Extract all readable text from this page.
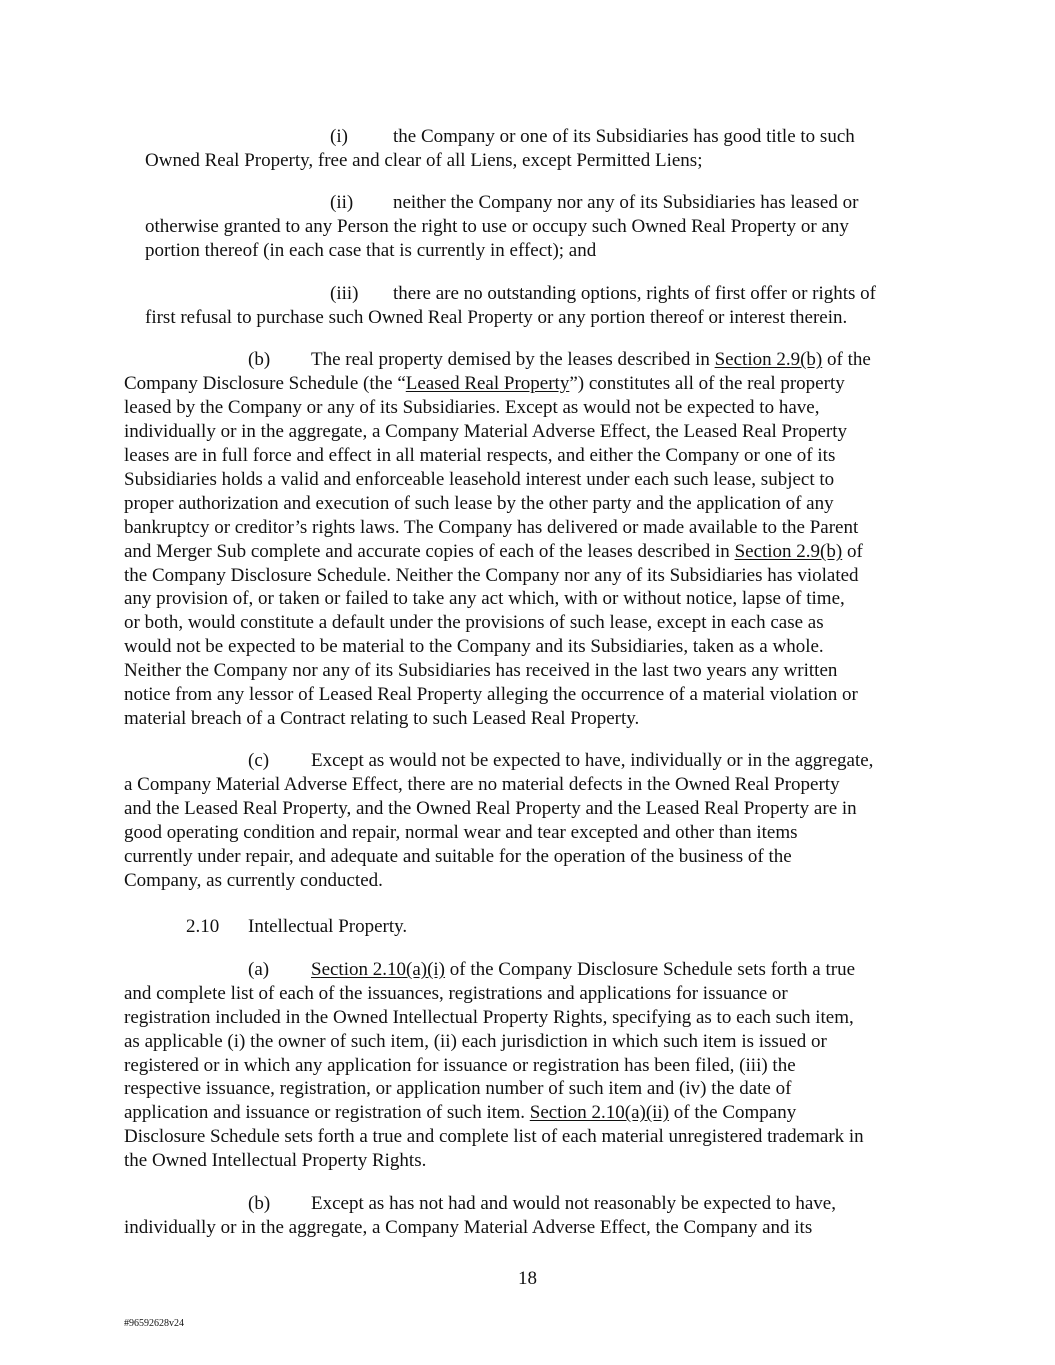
(i) the Company or one of its Subsidiaries has good title to such
Owned Real Property, free and clear of all Liens, except Permitted Liens;
(ii) neither the Company nor any of its Subsidiaries has leased or
otherwise granted to any Person the right to use or occupy such Owned Real Property or any
portion thereof (in each case that is currently in effect); and
(iii) there are no outstanding options, rights of first offer or rights of
first refusal to purchase such Owned Real Property or any portion thereof or interest therein.
(b) The real property demised by the leases described in Section 2.9(b) of the
Company Disclosure Schedule (the “Leased Real Property”) constitutes all of the real property
leased by the Company or any of its Subsidiaries. Except as would not be expected to have,
individually or in the aggregate, a Company Material Adverse Effect, the Leased Real Property
leases are in full force and effect in all material respects, and either the Company or one of its
Subsidiaries holds a valid and enforceable leasehold interest under each such lease, subject to
proper authorization and execution of such lease by the other party and the application of any
bankruptcy or creditor’s rights laws. The Company has delivered or made available to the Parent
and Merger Sub complete and accurate copies of each of the leases described in Section 2.9(b) of
the Company Disclosure Schedule. Neither the Company nor any of its Subsidiaries has violated
any provision of, or taken or failed to take any act which, with or without notice, lapse of time,
or both, would constitute a default under the provisions of such lease, except in each case as
would not be expected to be material to the Company and its Subsidiaries, taken as a whole.
Neither the Company nor any of its Subsidiaries has received in the last two years any written
notice from any lessor of Leased Real Property alleging the occurrence of a material violation or
material breach of a Contract relating to such Leased Real Property.
(c) Except as would not be expected to have, individually or in the aggregate,
a Company Material Adverse Effect, there are no material defects in the Owned Real Property
and the Leased Real Property, and the Owned Real Property and the Leased Real Property are in
good operating condition and repair, normal wear and tear excepted and other than items
currently under repair, and adequate and suitable for the operation of the business of the
Company, as currently conducted.
2.10 Intellectual Property.
(a) Section 2.10(a)(i) of the Company Disclosure Schedule sets forth a true
and complete list of each of the issuances, registrations and applications for issuance or
registration included in the Owned Intellectual Property Rights, specifying as to each such item,
as applicable (i) the owner of such item, (ii) each jurisdiction in which such item is issued or
registered or in which any application for issuance or registration has been filed, (iii) the
respective issuance, registration, or application number of such item and (iv) the date of
application and issuance or registration of such item. Section 2.10(a)(ii) of the Company
Disclosure Schedule sets forth a true and complete list of each material unregistered trademark in
the Owned Intellectual Property Rights.
(b) Except as has not had and would not reasonably be expected to have,
individually or in the aggregate, a Company Material Adverse Effect, the Company and its
18
#96592628v24
